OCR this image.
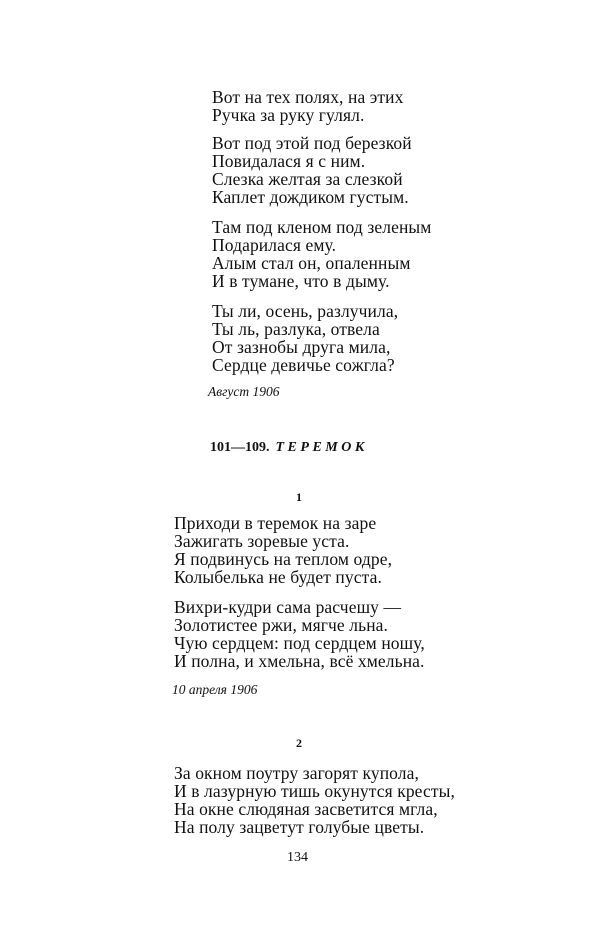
Вот на тех полях, на этих
Ручка за руку гулял.
Вот под этой под березкой
Повидалася я с ним.
Слезка желтая за слезкой
Каплет дождиком густым.
Там под кленом под зеленым
Подарилася ему.
Алым стал он, опаленным
И в тумане, что в дыму.
Ты ли, осень, разлучила,
Ты ль, разлука, отвела
От зазнобы друга мила,
Сердце девичье сожгла?
Август 1906
101—109. ТЕРЕМОК
1
Приходи в теремок на заре
Зажигать зоревые уста.
Я подвинусь на теплом одре,
Колыбелька не будет пуста.
Вихри-кудри сама расчешу —
Золотистее ржи, мягче льна.
Чую сердцем: под сердцем ношу,
И полна, и хмельна, всё хмельна.
10 апреля 1906
2
За окном поутру загорят купола,
И в лазурную тишь окунутся кресты,
На окне слюдяная засветится мгла,
На полу зацветут голубые цветы.
134
